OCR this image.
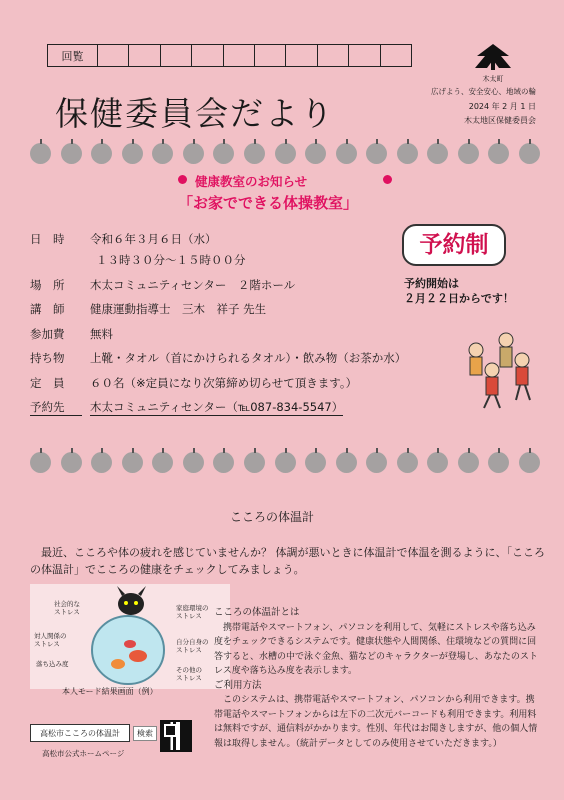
回覧
木太町
広げよう、安全安心、地域の輪
2024 年 2 月 1 日
木太地区保健委員会
保健委員会だより
健康教室のお知らせ
「お家でできる体操教室」
日　時	令和６年３月６日（水）
１３時３０分～１５時００分
場　所	木太コミュニティセンター　２階ホール
講　師	健康運動指導士　三木　祥子 先生
参加費	無料
持ち物	上靴・タオル（首にかけられるタオル）・飲み物（お茶か水）
定　員	６０名（※定員になり次第締め切らせて頂きます。）
予約先	木太コミュニティセンター（℡087-834-5547）
予約制
予約開始は
２月２２日からです！
こころの体温計
最近、こころや体の疲れを感じていませんか？ 体調が悪いときに体温計で体温を測るように、「こころの体温計」でこころの健康をチェックしてみましょう。
社会的な
ストレス
対人関係の
ストレス
落ち込み度
家庭環境の
ストレス
自分自身の
ストレス
その他の
ストレス
本人モード結果画面（例）
こころの体温計とは

携帯電話やスマートフォン、パソコンを利用して、気軽にストレスや落ち込み度をチェックできるシステムです。健康状態や人間関係、住環境などの質問に回答すると、水槽の中で泳ぐ金魚、猫などのキャラクターが登場し、あなたのストレス度や落ち込み度を表示します。

ご利用方法

このシステムは、携帯電話やスマートフォン、パソコンから利用できます。携帯電話やスマートフォンからは左下の二次元バーコードも利用できます。利用料は無料ですが、通信料がかかります。性別、年代はお聞きしますが、他の個人情報は取得しません。（統計データとしてのみ使用させていただきます。）

高松市こころの体温計	検索
高松市公式ホームページ
